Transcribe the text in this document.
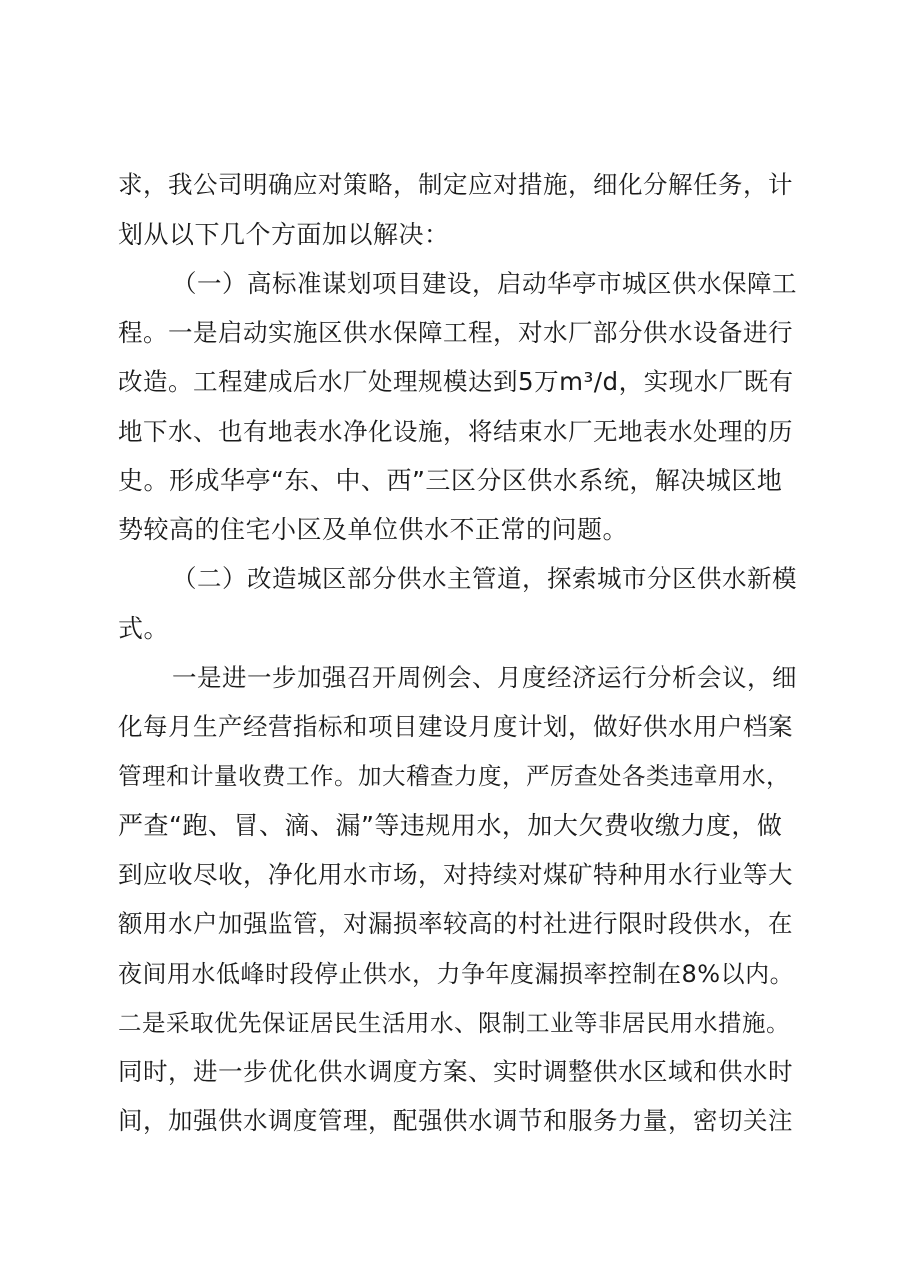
求，我公司明确应对策略，制定应对措施，细化分解任务，计
划从以下几个方面加以解决：
（一）高标准谋划项目建设，启动华亭市城区供水保障工
程。一是启动实施区供水保障工程，对水厂部分供水设备进行
改造。工程建成后水厂处理规模达到5万m³/d，实现水厂既有
地下水、也有地表水净化设施，将结束水厂无地表水处理的历
史。形成华亭“东、中、西”三区分区供水系统，解决城区地
势较高的住宅小区及单位供水不正常的问题。
（二）改造城区部分供水主管道，探索城市分区供水新模
式。
一是进一步加强召开周例会、月度经济运行分析会议，细
化每月生产经营指标和项目建设月度计划，做好供水用户档案
管理和计量收费工作。加大稽查力度，严厉查处各类违章用水，
严查“跑、冒、滴、漏”等违规用水，加大欠费收缴力度，做
到应收尽收，净化用水市场，对持续对煤矿特种用水行业等大
额用水户加强监管，对漏损率较高的村社进行限时段供水，在
夜间用水低峰时段停止供水，力争年度漏损率控制在8%以内。
二是采取优先保证居民生活用水、限制工业等非居民用水措施。
同时，进一步优化供水调度方案、实时调整供水区域和供水时
间，加强供水调度管理，配强供水调节和服务力量，密切关注
